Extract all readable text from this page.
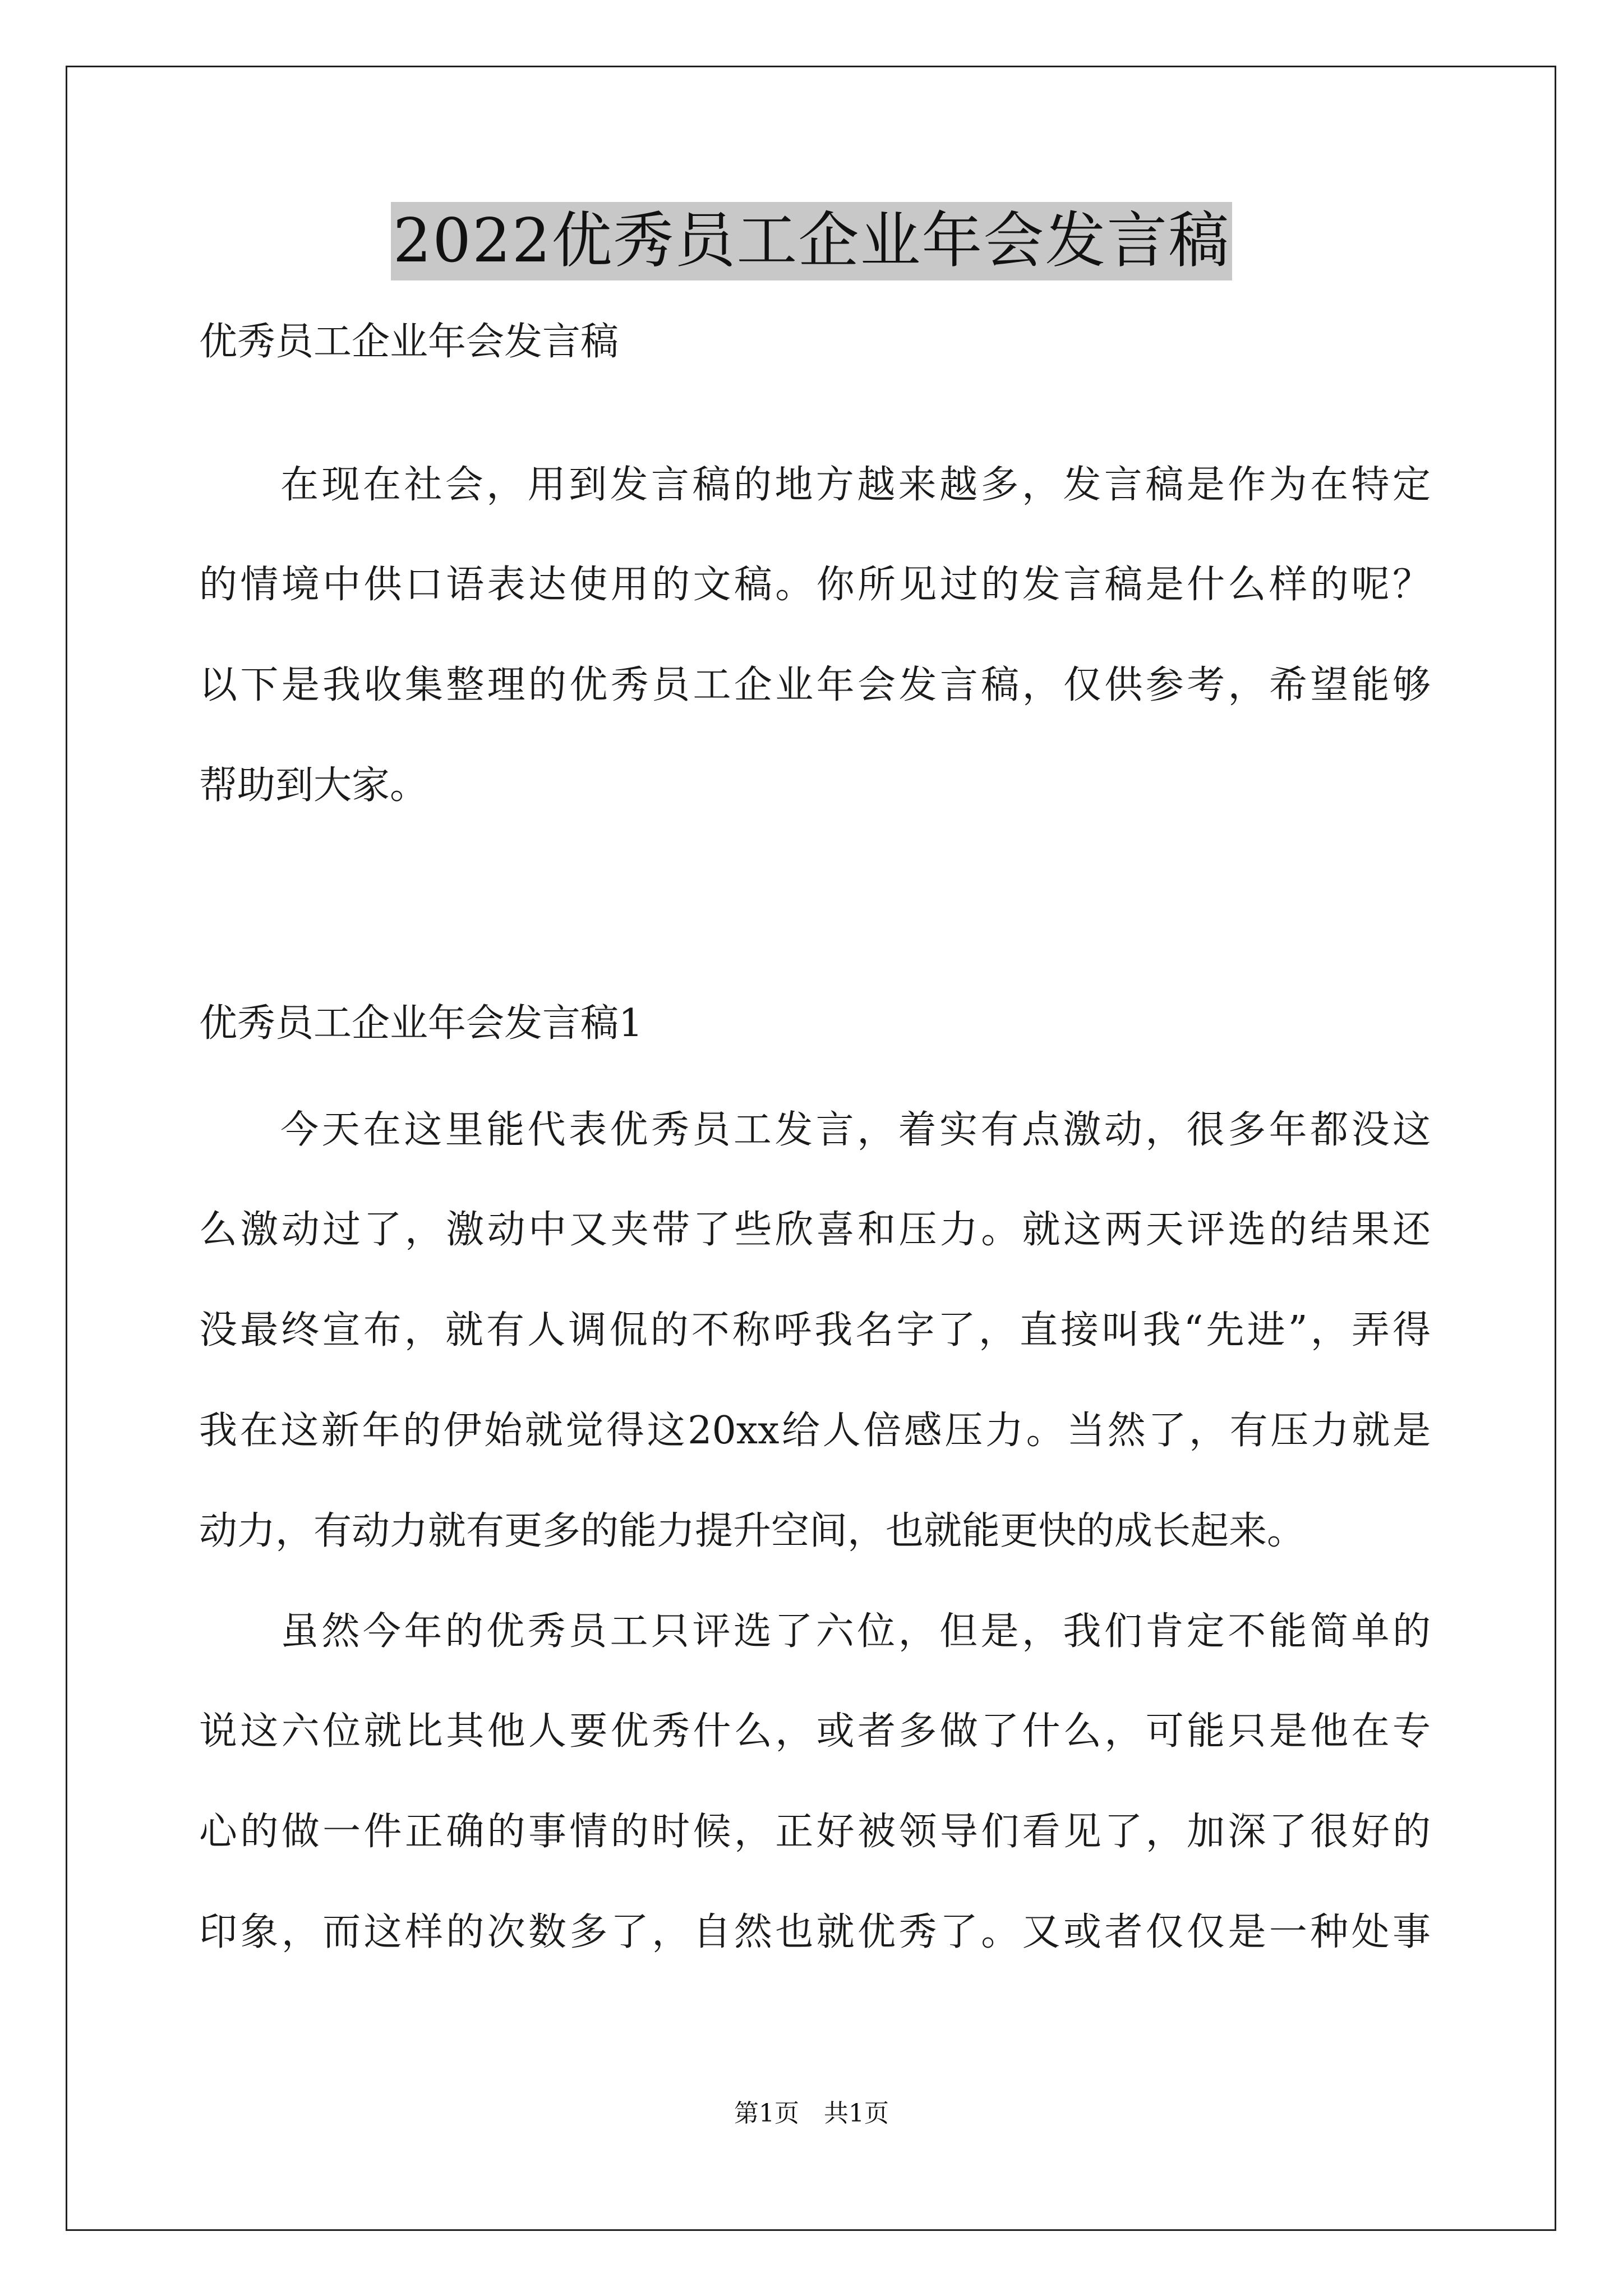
2022优秀员工企业年会发言稿
优秀员工企业年会发言稿
在现在社会，用到发言稿的地方越来越多，发言稿是作为在特定
的情境中供口语表达使用的文稿。你所见过的发言稿是什么样的呢？
以下是我收集整理的优秀员工企业年会发言稿，仅供参考，希望能够
帮助到大家。
优秀员工企业年会发言稿1
今天在这里能代表优秀员工发言，着实有点激动，很多年都没这
么激动过了，激动中又夹带了些欣喜和压力。就这两天评选的结果还
没最终宣布，就有人调侃的不称呼我名字了，直接叫我“先进”，弄得
我在这新年的伊始就觉得这20xx给人倍感压力。当然了，有压力就是
动力，有动力就有更多的能力提升空间，也就能更快的成长起来。
虽然今年的优秀员工只评选了六位，但是，我们肯定不能简单的
说这六位就比其他人要优秀什么，或者多做了什么，可能只是他在专
心的做一件正确的事情的时候，正好被领导们看见了，加深了很好的
印象，而这样的次数多了，自然也就优秀了。又或者仅仅是一种处事
第1页　共1页
